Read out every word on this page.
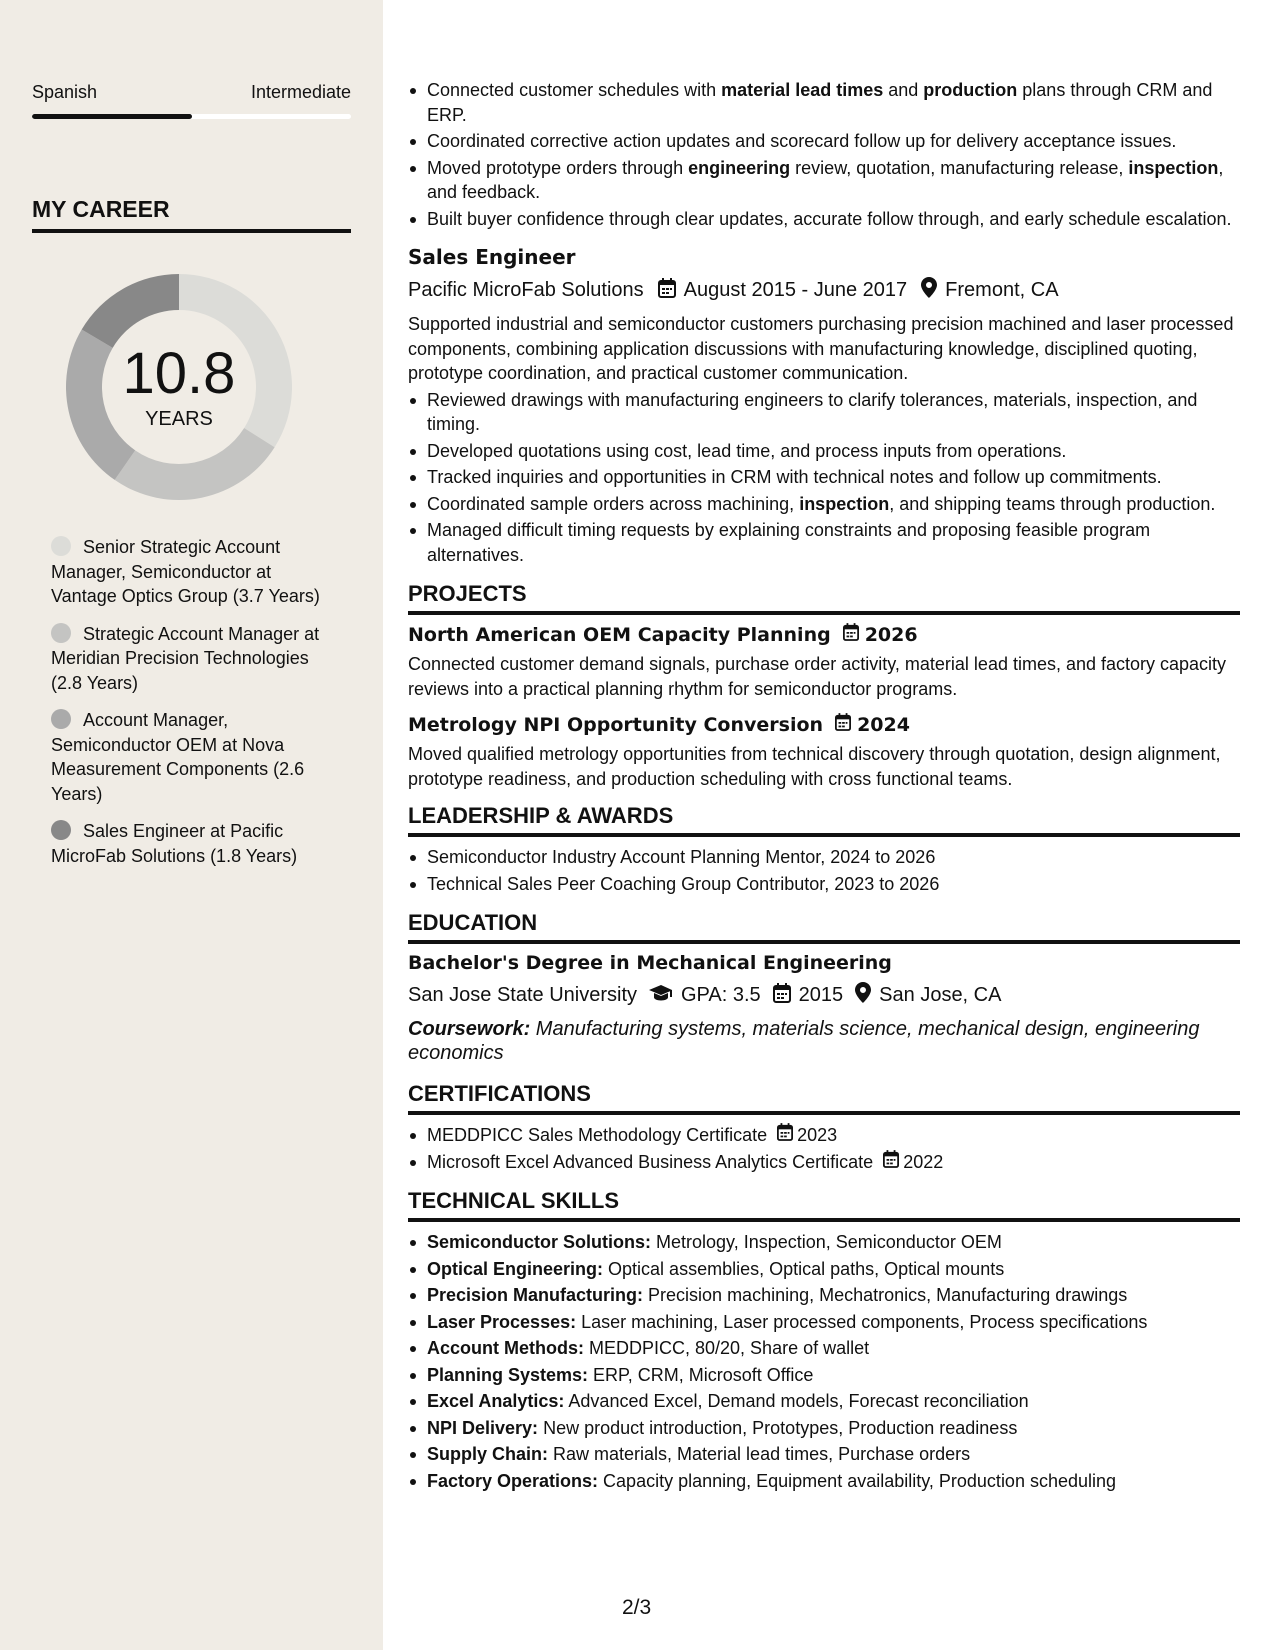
Spanish	Intermediate
MY CAREER
10.8
YEARS
Senior Strategic Account Manager, Semiconductor at Vantage Optics Group (3.7 Years)
Strategic Account Manager at Meridian Precision Technologies (2.8 Years)
Account Manager, Semiconductor OEM at Nova Measurement Components (2.6 Years)
Sales Engineer at Pacific MicroFab Solutions (1.8 Years)
Connected customer schedules with material lead times and production plans through CRM and ERP.
Coordinated corrective action updates and scorecard follow up for delivery acceptance issues.
Moved prototype orders through engineering review, quotation, manufacturing release, inspection, and feedback.
Built buyer confidence through clear updates, accurate follow through, and early schedule escalation.
Sales Engineer
Pacific MicroFab Solutions August 2015 - June 2017 Fremont, CA
Supported industrial and semiconductor customers purchasing precision machined and laser processed components, combining application discussions with manufacturing knowledge, disciplined quoting, prototype coordination, and practical customer communication.
Reviewed drawings with manufacturing engineers to clarify tolerances, materials, inspection, and timing.
Developed quotations using cost, lead time, and process inputs from operations.
Tracked inquiries and opportunities in CRM with technical notes and follow up commitments.
Coordinated sample orders across machining, inspection, and shipping teams through production.
Managed difficult timing requests by explaining constraints and proposing feasible program alternatives.
PROJECTS
North American OEM Capacity Planning 2026
Connected customer demand signals, purchase order activity, material lead times, and factory capacity reviews into a practical planning rhythm for semiconductor programs.
Metrology NPI Opportunity Conversion 2024
Moved qualified metrology opportunities from technical discovery through quotation, design alignment, prototype readiness, and production scheduling with cross functional teams.
LEADERSHIP & AWARDS
Semiconductor Industry Account Planning Mentor, 2024 to 2026
Technical Sales Peer Coaching Group Contributor, 2023 to 2026
EDUCATION
Bachelor's Degree in Mechanical Engineering
San Jose State University GPA: 3.5 2015 San Jose, CA
Coursework: Manufacturing systems, materials science, mechanical design, engineering economics
CERTIFICATIONS
MEDDPICC Sales Methodology Certificate 2023
Microsoft Excel Advanced Business Analytics Certificate 2022
TECHNICAL SKILLS
Semiconductor Solutions: Metrology, Inspection, Semiconductor OEM
Optical Engineering: Optical assemblies, Optical paths, Optical mounts
Precision Manufacturing: Precision machining, Mechatronics, Manufacturing drawings
Laser Processes: Laser machining, Laser processed components, Process specifications
Account Methods: MEDDPICC, 80/20, Share of wallet
Planning Systems: ERP, CRM, Microsoft Office
Excel Analytics: Advanced Excel, Demand models, Forecast reconciliation
NPI Delivery: New product introduction, Prototypes, Production readiness
Supply Chain: Raw materials, Material lead times, Purchase orders
Factory Operations: Capacity planning, Equipment availability, Production scheduling
2/3
